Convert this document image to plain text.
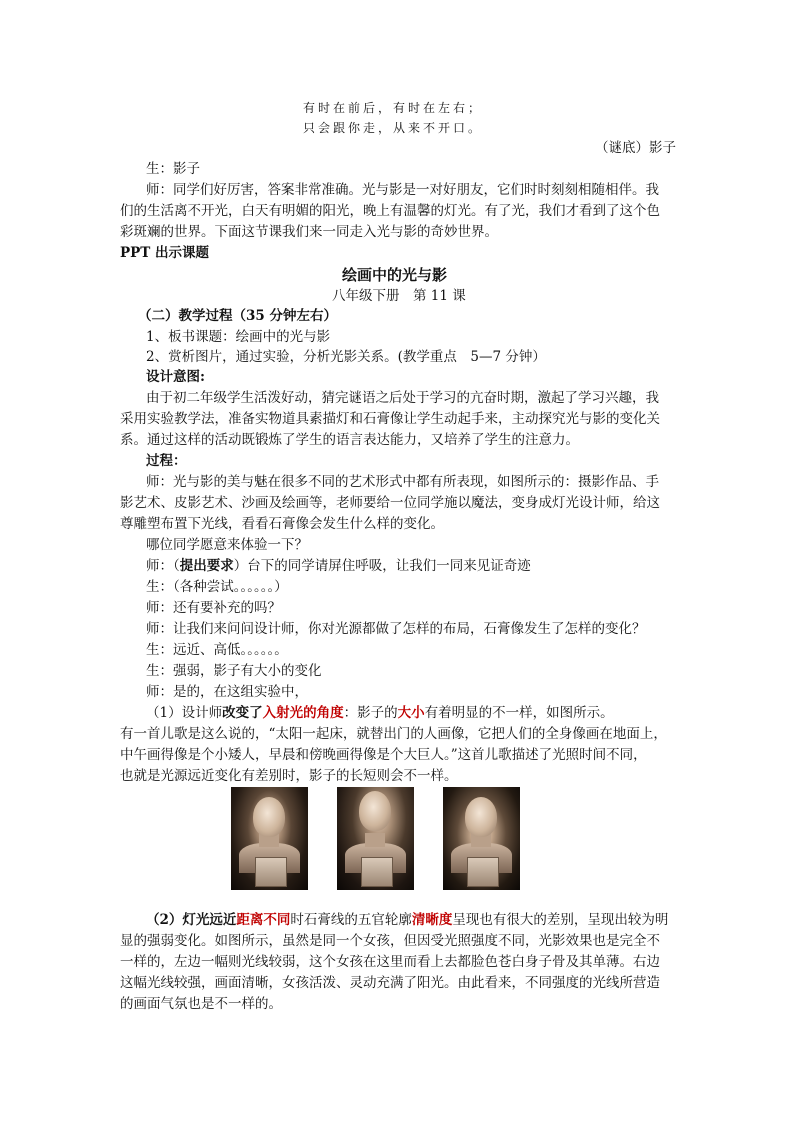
有时在前后，有时在左右；
只会跟你走，从来不开口。
（谜底）影子
生：影子
师：同学们好厉害，答案非常准确。光与影是一对好朋友，它们时时刻刻相随相伴。我
们的生活离不开光，白天有明媚的阳光，晚上有温馨的灯光。有了光，我们才看到了这个色
彩斑斓的世界。下面这节课我们来一同走入光与影的奇妙世界。
PPT 出示课题
绘画中的光与影
八年级下册　第 11 课
（二）教学过程（35 分钟左右）
1、板书课题：绘画中的光与影
2、赏析图片，通过实验，分析光影关系。(教学重点　5—7 分钟）
设计意图:
由于初二年级学生活泼好动，猜完谜语之后处于学习的亢奋时期，激起了学习兴趣，我
采用实验教学法，准备实物道具素描灯和石膏像让学生动起手来，主动探究光与影的变化关
系。通过这样的活动既锻炼了学生的语言表达能力，又培养了学生的注意力。
过程：
师：光与影的美与魅在很多不同的艺术形式中都有所表现，如图所示的：摄影作品、手
影艺术、皮影艺术、沙画及绘画等，老师要给一位同学施以魔法，变身成灯光设计师，给这
尊雕塑布置下光线，看看石膏像会发生什么样的变化。
哪位同学愿意来体验一下？
师：（提出要求）台下的同学请屏住呼吸，让我们一同来见证奇迹
生：（各种尝试。。。。。。）
师：还有要补充的吗？
师：让我们来问问设计师，你对光源都做了怎样的布局，石膏像发生了怎样的变化？
生：远近、高低。。。。。。
生：强弱，影子有大小的变化
师：是的，在这组实验中，
（1）设计师改变了入射光的角度：影子的大小有着明显的不一样，如图所示。
有一首儿歌是这么说的，“太阳一起床，就替出门的人画像，它把人们的全身像画在地面上，
中午画得像是个小矮人，早晨和傍晚画得像是个大巨人。”这首儿歌描述了光照时间不同，
也就是光源远近变化有差别时，影子的长短则会不一样。
（2）灯光远近距离不同时石膏线的五官轮廓清晰度呈现也有很大的差别，呈现出较为明
显的强弱变化。如图所示，虽然是同一个女孩，但因受光照强度不同，光影效果也是完全不
一样的，左边一幅则光线较弱，这个女孩在这里而看上去都脸色苍白身子骨及其单薄。右边
这幅光线较强，画面清晰，女孩活泼、灵动充满了阳光。由此看来，不同强度的光线所营造
的画面气氛也是不一样的。
